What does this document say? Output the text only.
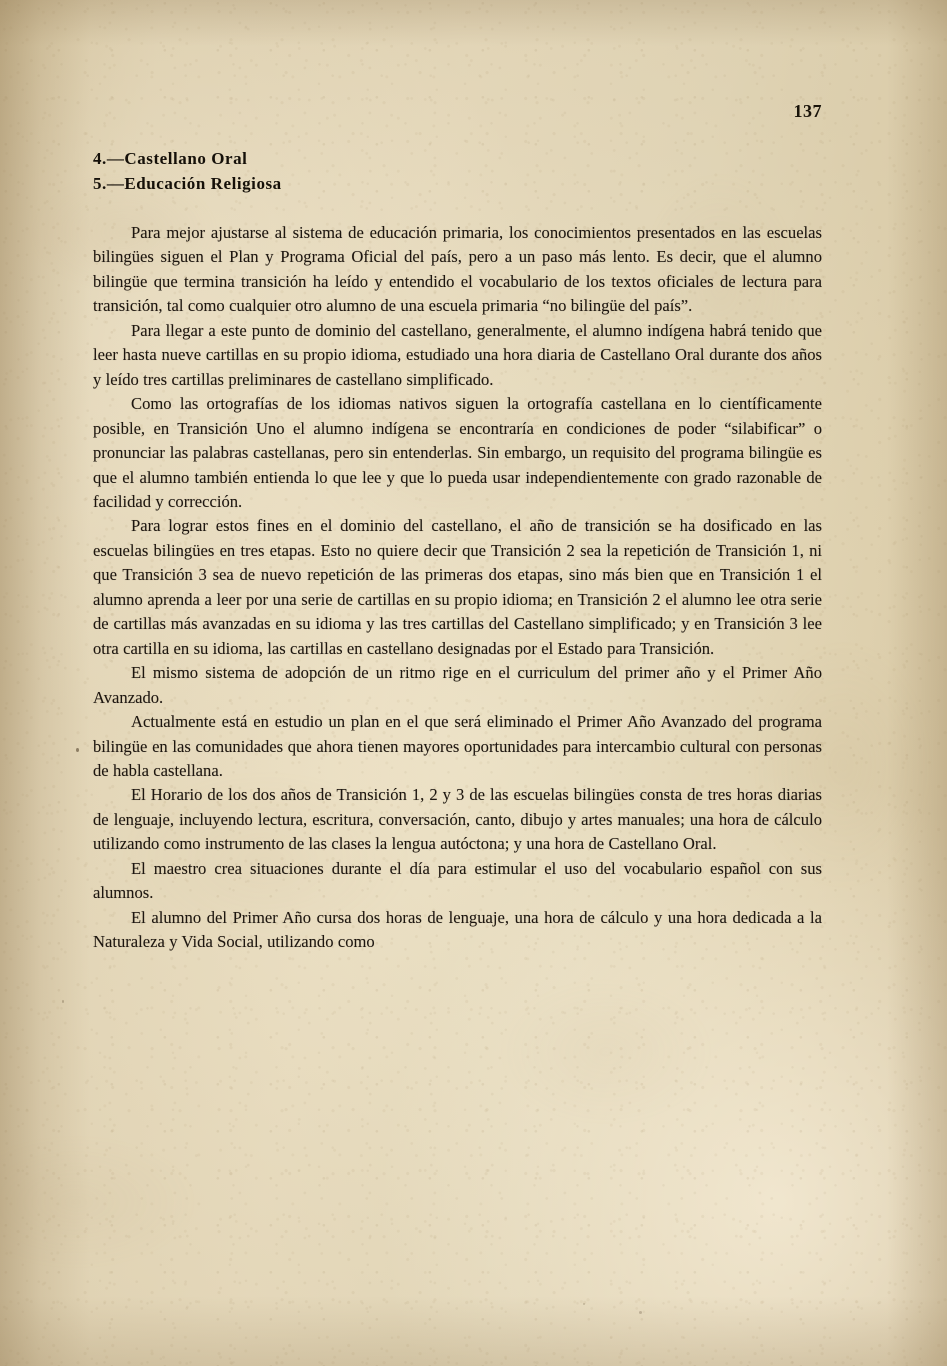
137
4.—Castellano Oral
5.—Educación Religiosa

Para mejor ajustarse al sistema de educación primaria, los conocimientos presentados en las escuelas bilingües siguen el Plan y Programa Oficial del país, pero a un paso más lento. Es decir, que el alumno bilingüe que termina transición ha leído y entendido el vocabulario de los textos oficiales de lectura para transición, tal como cualquier otro alumno de una escuela primaria “no bilingüe del país”.

Para llegar a este punto de dominio del castellano, generalmente, el alumno indígena habrá tenido que leer hasta nueve cartillas en su propio idioma, estudiado una hora diaria de Castellano Oral durante dos años y leído tres cartillas preliminares de castellano simplificado.

Como las ortografías de los idiomas nativos siguen la ortografía castellana en lo científicamente posible, en Transición Uno el alumno indígena se encontraría en condiciones de poder “silabificar” o pronunciar las palabras castellanas, pero sin entenderlas. Sin embargo, un requisito del programa bilingüe es que el alumno también entienda lo que lee y que lo pueda usar independientemente con grado razonable de facilidad y corrección.

Para lograr estos fines en el dominio del castellano, el año de transición se ha dosificado en las escuelas bilingües en tres etapas. Esto no quiere decir que Transición 2 sea la repetición de Transición 1, ni que Transición 3 sea de nuevo repetición de las primeras dos etapas, sino más bien que en Transición 1 el alumno aprenda a leer por una serie de cartillas en su propio idioma; en Transición 2 el alumno lee otra serie de cartillas más avanzadas en su idioma y las tres cartillas del Castellano simplificado; y en Transición 3 lee otra cartilla en su idioma, las cartillas en castellano designadas por el Estado para Transición.

El mismo sistema de adopción de un ritmo rige en el curriculum del primer año y el Primer Año Avanzado.

Actualmente está en estudio un plan en el que será eliminado el Primer Año Avanzado del programa bilingüe en las comunidades que ahora tienen mayores oportunidades para intercambio cultural con personas de habla castellana.

El Horario de los dos años de Transición 1, 2 y 3 de las escuelas bilingües consta de tres horas diarias de lenguaje, incluyendo lectura, escritura, conversación, canto, dibujo y artes manuales; una hora de cálculo utilizando como instrumento de las clases la lengua autóctona; y una hora de Castellano Oral.

El maestro crea situaciones durante el día para estimular el uso del vocabulario español con sus alumnos.

El alumno del Primer Año cursa dos horas de lenguaje, una hora de cálculo y una hora dedicada a la Naturaleza y Vida Social, utilizando como
